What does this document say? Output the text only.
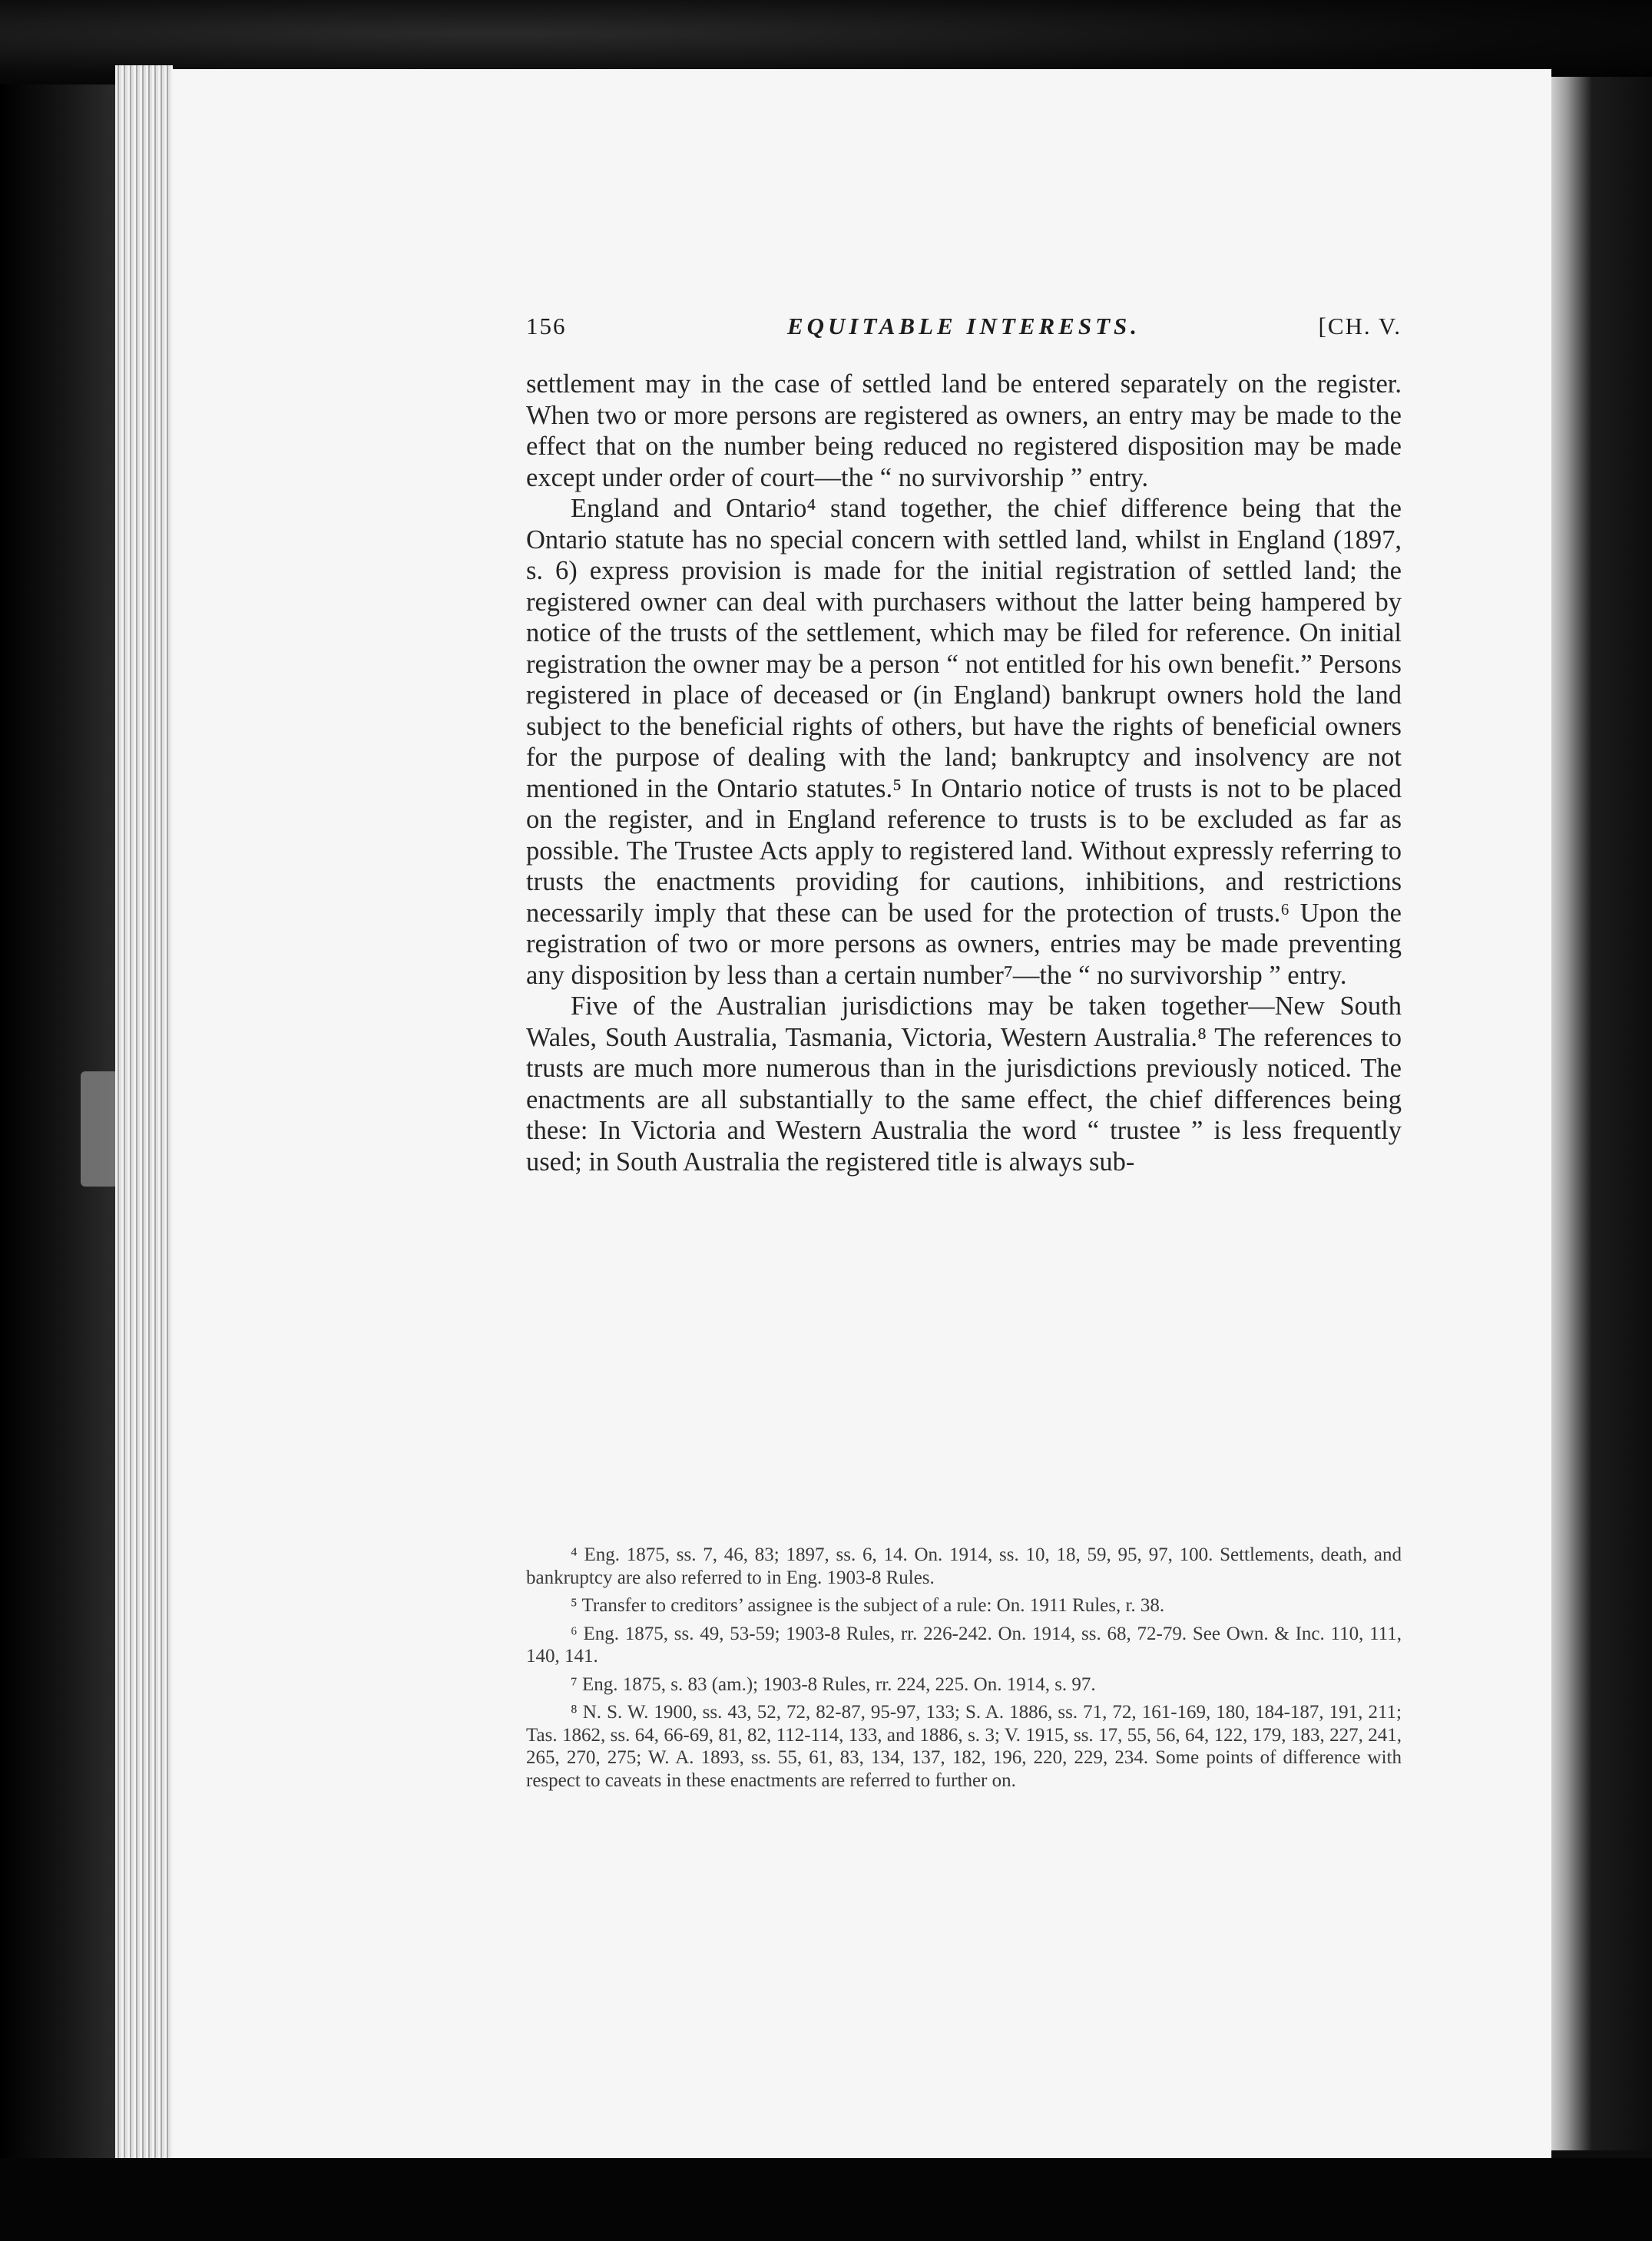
156	EQUITABLE INTERESTS.	[CH. V.

settlement may in the case of settled land be entered separately on the register. When two or more persons are registered as owners, an entry may be made to the effect that on the number being reduced no registered disposition may be made except under order of court—the “ no survivorship ” entry.

England and Ontario⁴ stand together, the chief difference being that the Ontario statute has no special concern with settled land, whilst in England (1897, s. 6) express provision is made for the initial registration of settled land; the registered owner can deal with purchasers without the latter being hampered by notice of the trusts of the settlement, which may be filed for reference. On initial registration the owner may be a person “ not entitled for his own benefit.” Persons registered in place of deceased or (in England) bankrupt owners hold the land subject to the beneficial rights of others, but have the rights of beneficial owners for the purpose of dealing with the land; bankruptcy and insolvency are not mentioned in the Ontario statutes.⁵ In Ontario notice of trusts is not to be placed on the register, and in England reference to trusts is to be excluded as far as possible. The Trustee Acts apply to registered land. Without expressly referring to trusts the enactments providing for cautions, inhibitions, and restrictions necessarily imply that these can be used for the protection of trusts.⁶ Upon the registration of two or more persons as owners, entries may be made preventing any disposition by less than a certain number⁷—the “ no survivorship ” entry.

Five of the Australian jurisdictions may be taken together—New South Wales, South Australia, Tasmania, Victoria, Western Australia.⁸ The references to trusts are much more numerous than in the jurisdictions previously noticed. The enactments are all substantially to the same effect, the chief differences being these: In Victoria and Western Australia the word “ trustee ” is less frequently used; in South Australia the registered title is always sub-

⁴ Eng. 1875, ss. 7, 46, 83; 1897, ss. 6, 14. On. 1914, ss. 10, 18, 59, 95, 97, 100. Settlements, death, and bankruptcy are also referred to in Eng. 1903-8 Rules.

⁵ Transfer to creditors’ assignee is the subject of a rule: On. 1911 Rules, r. 38.

⁶ Eng. 1875, ss. 49, 53-59; 1903-8 Rules, rr. 226-242. On. 1914, ss. 68, 72-79. See Own. & Inc. 110, 111, 140, 141.

⁷ Eng. 1875, s. 83 (am.); 1903-8 Rules, rr. 224, 225. On. 1914, s. 97.

⁸ N. S. W. 1900, ss. 43, 52, 72, 82-87, 95-97, 133; S. A. 1886, ss. 71, 72, 161-169, 180, 184-187, 191, 211; Tas. 1862, ss. 64, 66-69, 81, 82, 112-114, 133, and 1886, s. 3; V. 1915, ss. 17, 55, 56, 64, 122, 179, 183, 227, 241, 265, 270, 275; W. A. 1893, ss. 55, 61, 83, 134, 137, 182, 196, 220, 229, 234. Some points of difference with respect to caveats in these enactments are referred to further on.
